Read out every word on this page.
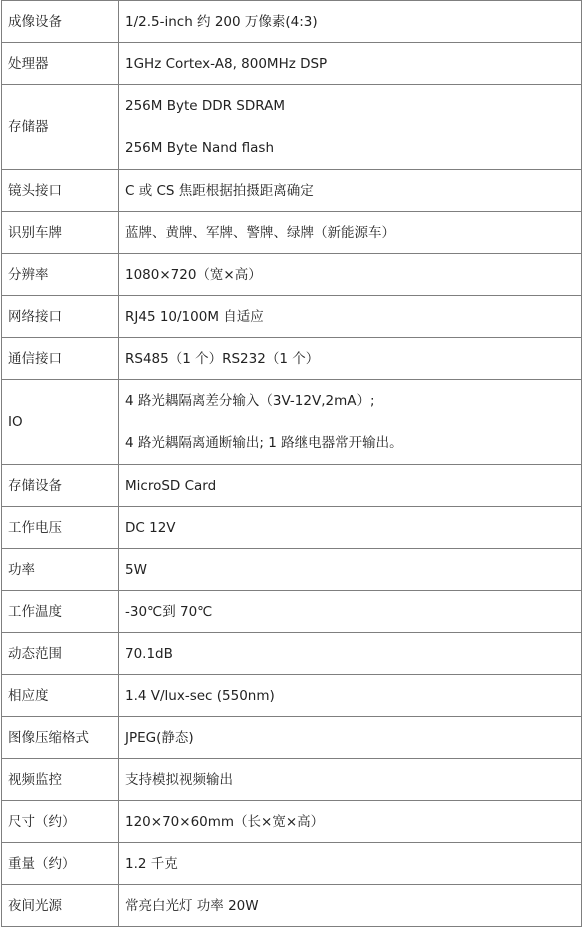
成像设备	1/2.5-inch 约 200 万像素(4:3)

处理器	1GHz Cortex-A8, 800MHz DSP

存储器	256M Byte DDR SDRAM
256M Byte Nand flash

镜头接口	C 或 CS 焦距根据拍摄距离确定

识别车牌	蓝牌、黄牌、军牌、警牌、绿牌（新能源车）

分辨率	1080×720（宽×高）

网络接口	RJ45 10/100M 自适应

通信接口	RS485（1 个）RS232（1 个）

IO	4 路光耦隔离差分输入（3V-12V,2mA）;
4 路光耦隔离通断输出; 1 路继电器常开输出。

存储设备	MicroSD Card

工作电压	DC 12V

功率	5W

工作温度	-30℃到 70℃

动态范围	70.1dB

相应度	1.4 V/lux-sec (550nm)

图像压缩格式	JPEG(静态)

视频监控	支持模拟视频输出

尺寸（约）	120×70×60mm（长×宽×高）

重量（约）	1.2 千克

夜间光源	常亮白光灯 功率 20W
